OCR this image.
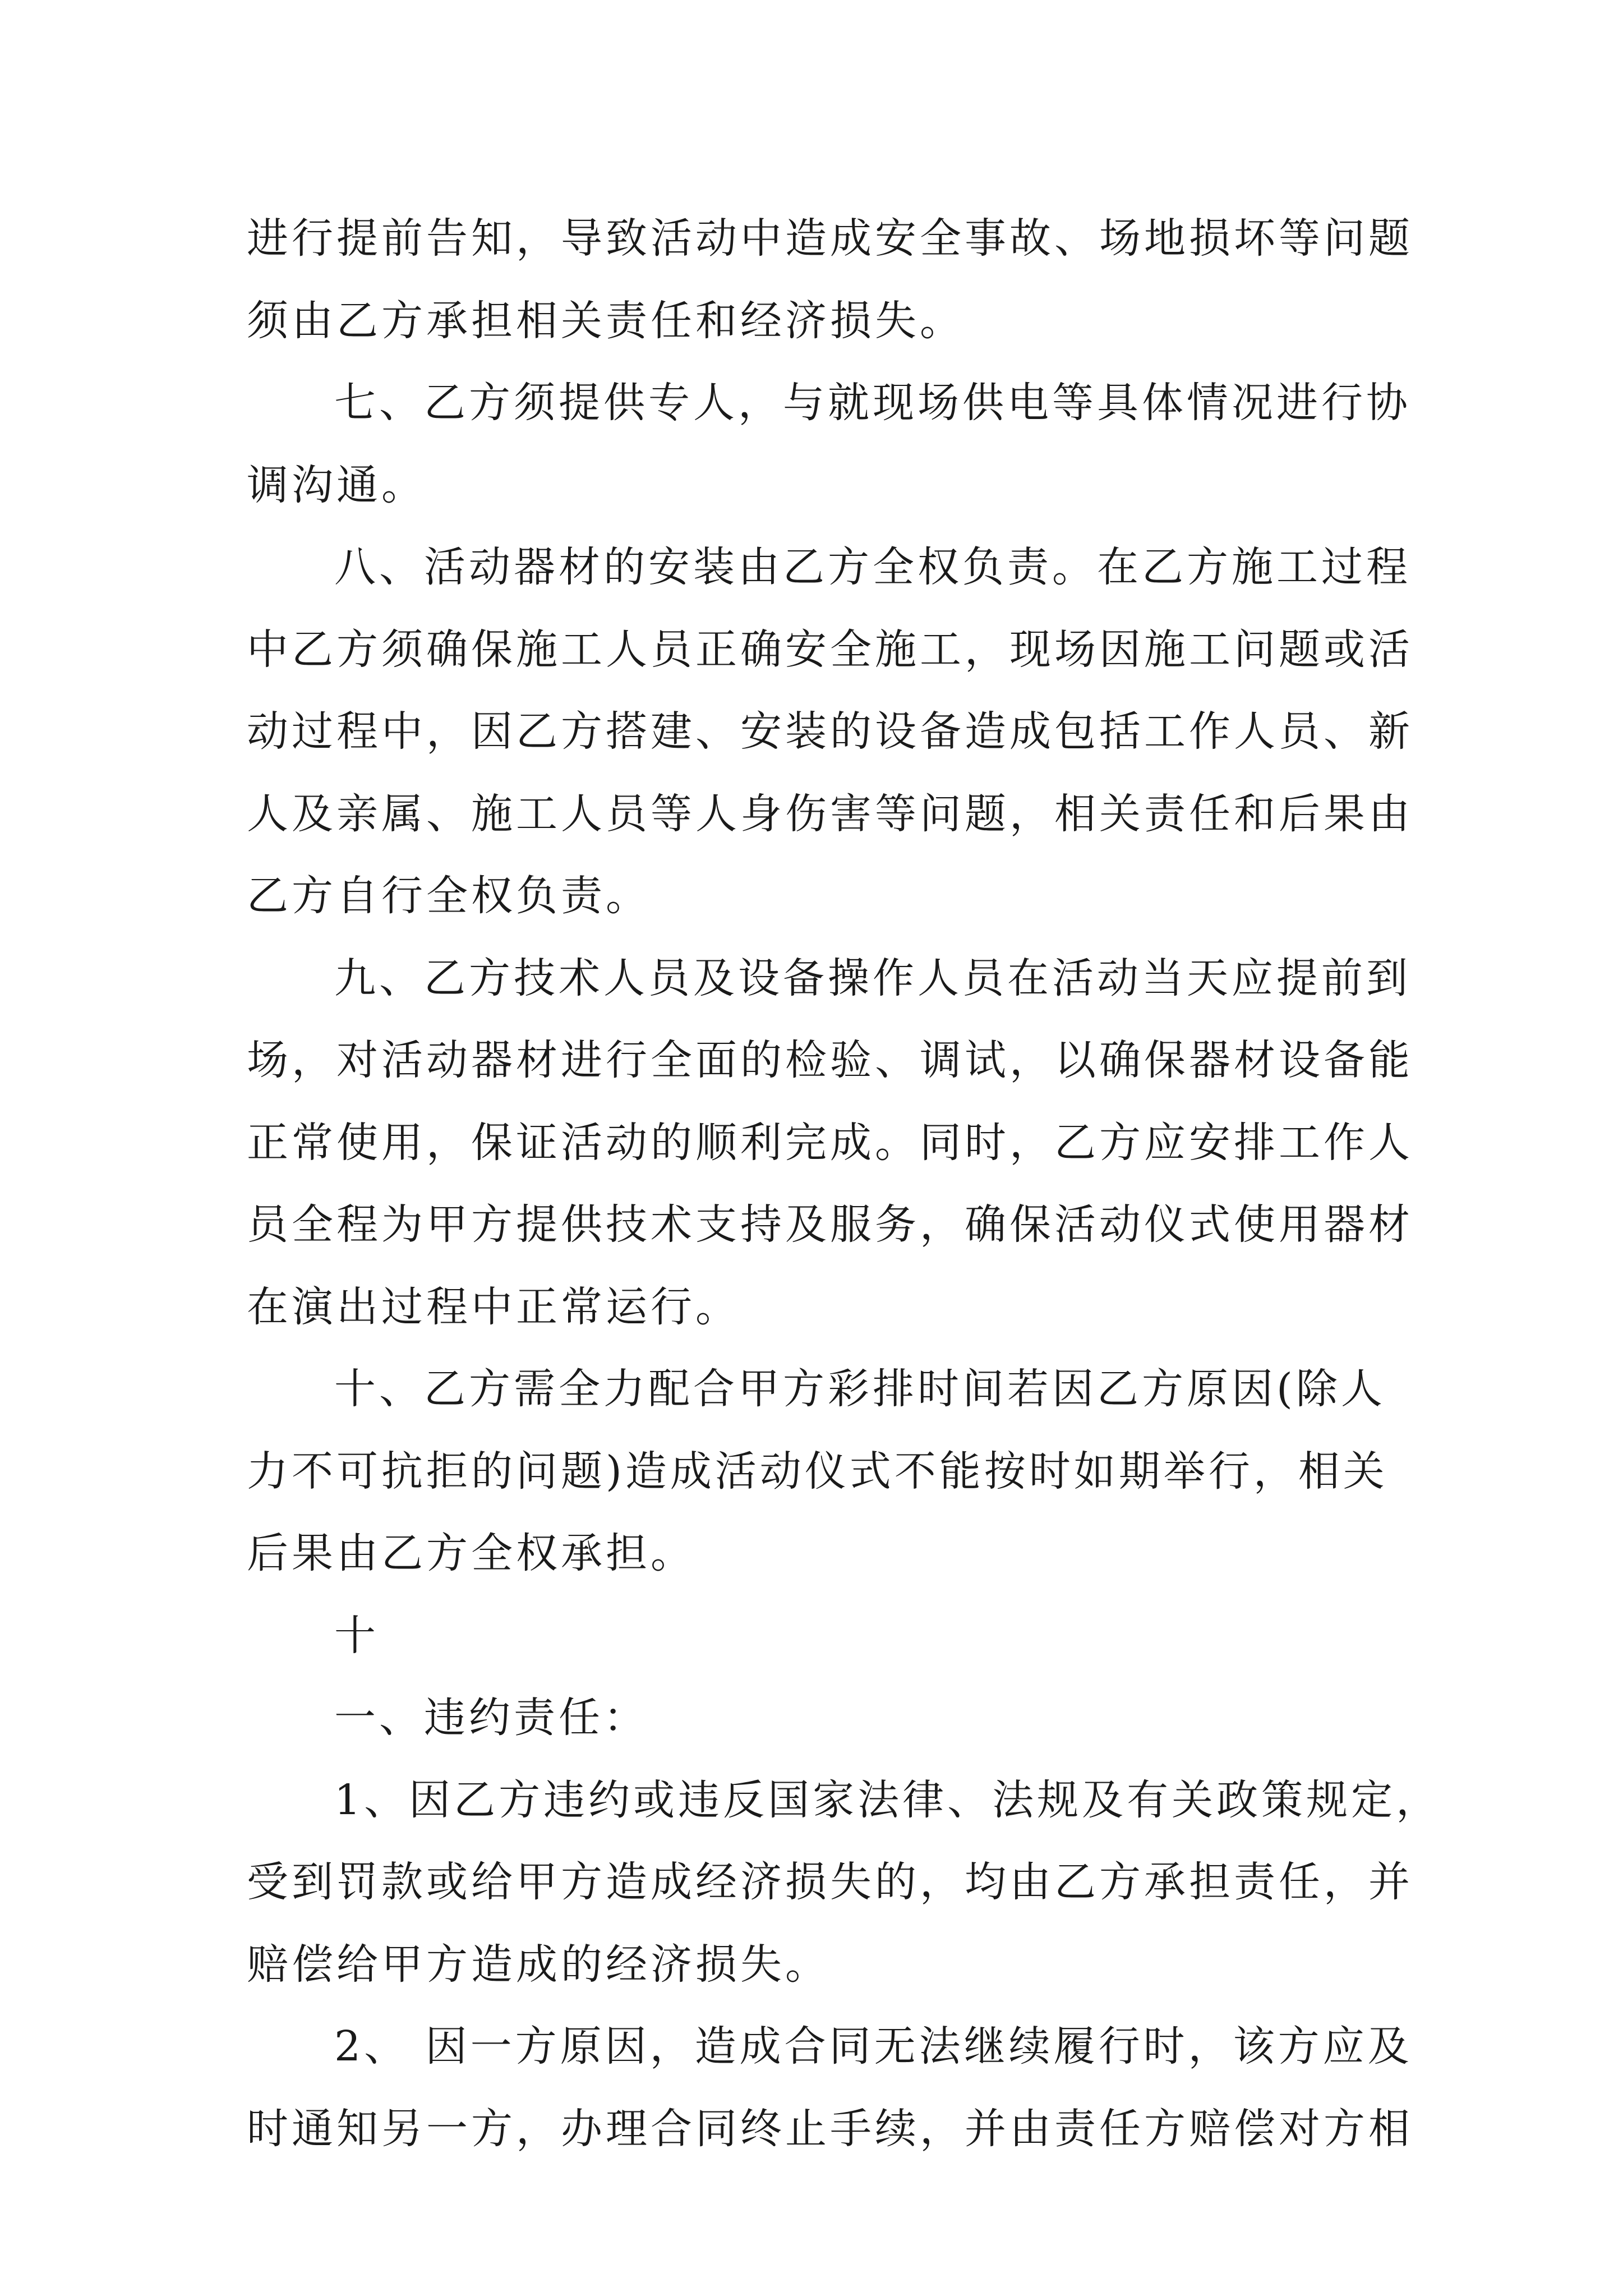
进行提前告知，导致活动中造成安全事故、场地损坏等问题
须由乙方承担相关责任和经济损失。
七、乙方须提供专人，与就现场供电等具体情况进行协
调沟通。
八、活动器材的安装由乙方全权负责。在乙方施工过程
中乙方须确保施工人员正确安全施工，现场因施工问题或活
动过程中，因乙方搭建、安装的设备造成包括工作人员、新
人及亲属、施工人员等人身伤害等问题，相关责任和后果由
乙方自行全权负责。
九、乙方技术人员及设备操作人员在活动当天应提前到
场，对活动器材进行全面的检验、调试，以确保器材设备能
正常使用，保证活动的顺利完成。同时，乙方应安排工作人
员全程为甲方提供技术支持及服务，确保活动仪式使用器材
在演出过程中正常运行。
十、乙方需全力配合甲方彩排时间若因乙方原因(除人
力不可抗拒的问题)造成活动仪式不能按时如期举行，相关
后果由乙方全权承担。
十
一、违约责任：
1、因乙方违约或违反国家法律、法规及有关政策规定，
受到罚款或给甲方造成经济损失的，均由乙方承担责任，并
赔偿给甲方造成的经济损失。
2、 因一方原因，造成合同无法继续履行时，该方应及
时通知另一方，办理合同终止手续，并由责任方赔偿对方相
